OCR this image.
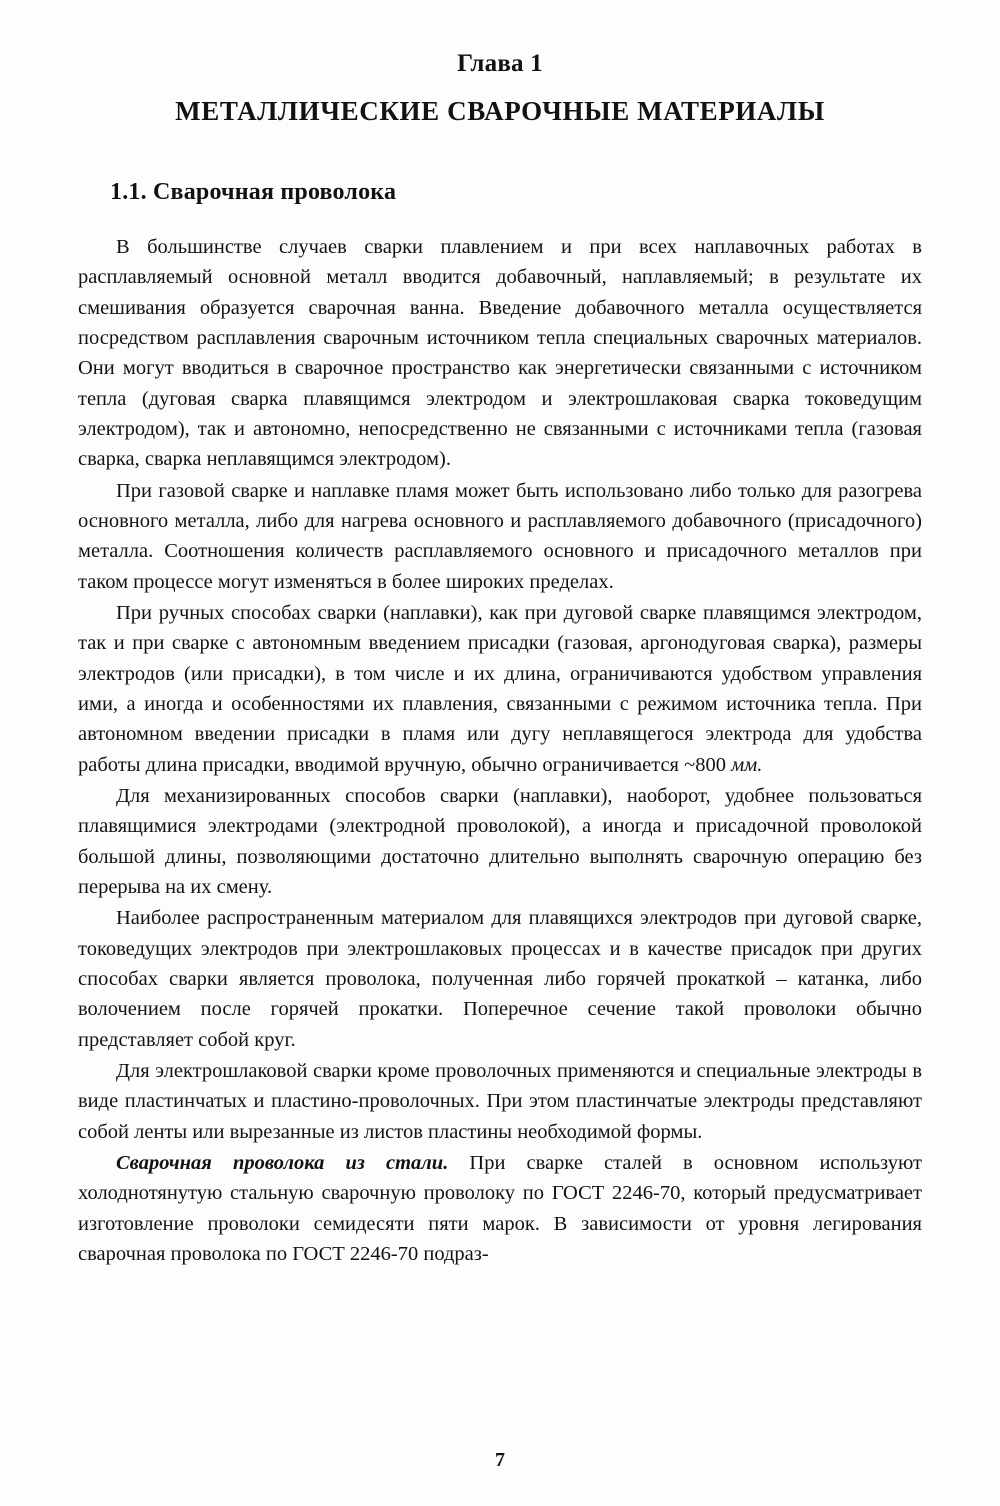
Глава 1
МЕТАЛЛИЧЕСКИЕ СВАРОЧНЫЕ МАТЕРИАЛЫ
1.1. Сварочная проволока

В большинстве случаев сварки плавлением и при всех наплавочных работах в расплавляемый основной металл вводится добавочный, наплавляемый; в результате их смешивания образуется сварочная ванна. Введение добавочного металла осуществляется посредством расплавления сварочным источником тепла специальных сварочных материалов. Они могут вводиться в сварочное пространство как энергетически связанными с источником тепла (дуговая сварка плавящимся электродом и электрошлаковая сварка токоведущим электродом), так и автономно, непосредственно не связанными с источниками тепла (газовая сварка, сварка неплавящимся электродом).

При газовой сварке и наплавке пламя может быть использовано либо только для разогрева основного металла, либо для нагрева основного и расплавляемого добавочного (присадочного) металла. Соотношения количеств расплавляемого основного и присадочного металлов при таком процессе могут изменяться в более широких пределах.

При ручных способах сварки (наплавки), как при дуговой сварке плавящимся электродом, так и при сварке с автономным введением присадки (газовая, аргонодуговая сварка), размеры электродов (или присадки), в том числе и их длина, ограничиваются удобством управления ими, а иногда и особенностями их плавления, связанными с режимом источника тепла. При автономном введении присадки в пламя или дугу неплавящегося электрода для удобства работы длина присадки, вводимой вручную, обычно ограничивается ~800 мм.

Для механизированных способов сварки (наплавки), наоборот, удобнее пользоваться плавящимися электродами (электродной проволокой), а иногда и присадочной проволокой большой длины, позволяющими достаточно длительно выполнять сварочную операцию без перерыва на их смену.

Наиболее распространенным материалом для плавящихся электродов при дуговой сварке, токоведущих электродов при электрошлаковых процессах и в качестве присадок при других способах сварки является проволока, полученная либо горячей прокаткой – катанка, либо волочением после горячей прокатки. Поперечное сечение такой проволоки обычно представляет собой круг.

Для электрошлаковой сварки кроме проволочных применяются и специальные электроды в виде пластинчатых и пластино-проволочных. При этом пластинчатые электроды представляют собой ленты или вырезанные из листов пластины необходимой формы.

Сварочная проволока из стали. При сварке сталей в основном используют холоднотянутую стальную сварочную проволоку по ГОСТ 2246-70, который предусматривает изготовление проволоки семидесяти пяти марок. В зависимости от уровня легирования сварочная проволока по ГОСТ 2246-70 подраз-

7
